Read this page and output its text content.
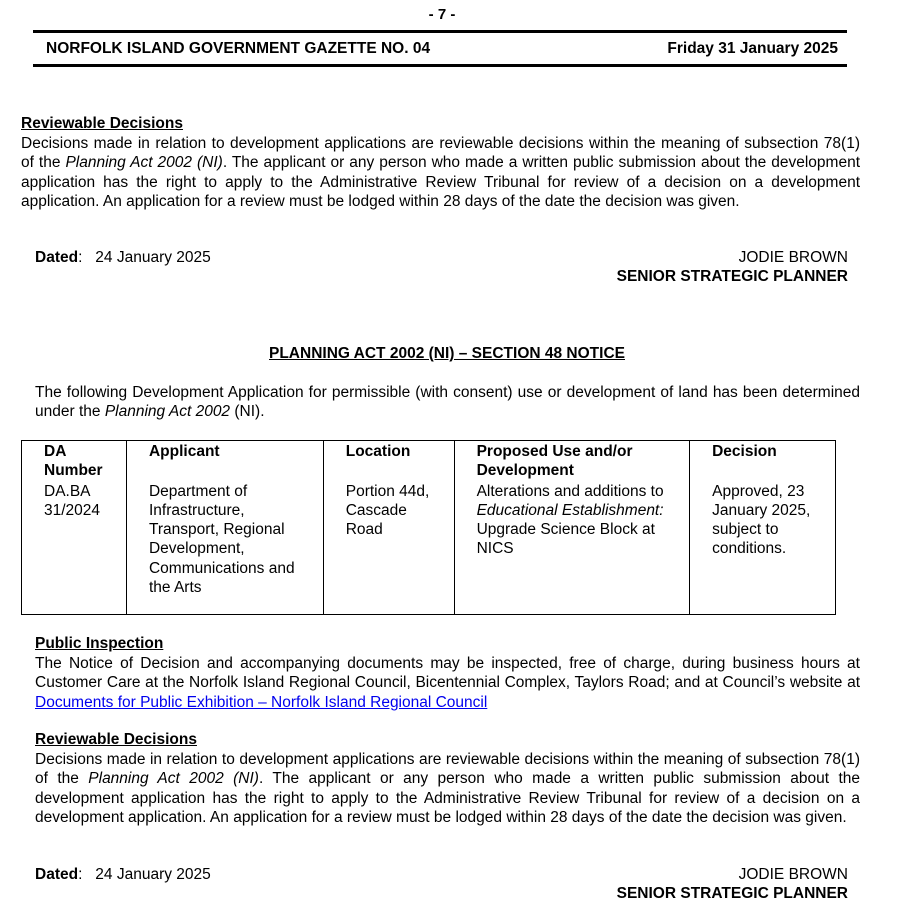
- 7 -
NORFOLK ISLAND GOVERNMENT GAZETTE NO. 04	Friday 31 January 2025
Reviewable Decisions
Decisions made in relation to development applications are reviewable decisions within the meaning of subsection 78(1) of the Planning Act 2002 (NI). The applicant or any person who made a written public submission about the development application has the right to apply to the Administrative Review Tribunal for review of a decision on a development application. An application for a review must be lodged within 28 days of the date the decision was given.
Dated:   24 January 2025	JODIE BROWN
SENIOR STRATEGIC PLANNER
PLANNING ACT 2002 (NI) – SECTION 48 NOTICE
The following Development Application for permissible (with consent) use or development of land has been determined under the Planning Act 2002 (NI).
DA Number	Applicant	Location	Proposed Use and/or Development	Decision
DA.BA 31/2024	Department of Infrastructure, Transport, Regional Development, Communications and the Arts	Portion 44d, Cascade Road	Alterations and additions to Educational Establishment: Upgrade Science Block at NICS	Approved, 23 January 2025, subject to conditions.
Public Inspection
The Notice of Decision and accompanying documents may be inspected, free of charge, during business hours at Customer Care at the Norfolk Island Regional Council, Bicentennial Complex, Taylors Road; and at Council’s website at Documents for Public Exhibition – Norfolk Island Regional Council
Reviewable Decisions
Decisions made in relation to development applications are reviewable decisions within the meaning of subsection 78(1) of the Planning Act 2002 (NI). The applicant or any person who made a written public submission about the development application has the right to apply to the Administrative Review Tribunal for review of a decision on a development application. An application for a review must be lodged within 28 days of the date the decision was given.
Dated:   24 January 2025	JODIE BROWN
SENIOR STRATEGIC PLANNER
